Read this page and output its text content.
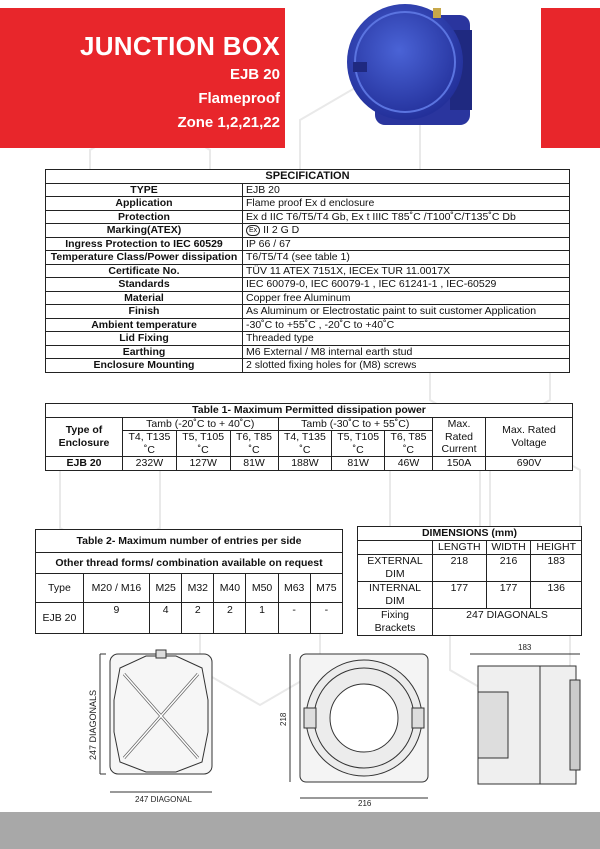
JUNCTION BOX
EJB 20
Flameproof
Zone 1,2,21,22
SPECIFICATION	
TYPE	EJB 20
Application	Flame proof Ex d enclosure
Protection	Ex d IIC T6/T5/T4 Gb, Ex t IIIC T85˚C /T100˚C/T135˚C Db
Marking(ATEX)	Ex II 2 G D
Ingress Protection to IEC 60529	IP 66 / 67
Temperature Class/Power dissipation	T6/T5/T4 (see table 1)
Certificate No.	TÜV 11 ATEX 7151X, IECEx TUR 11.0017X
Standards	IEC 60079-0, IEC 60079-1 , IEC 61241-1 , IEC-60529
Material	Copper free Aluminum
Finish	As Aluminum or Electrostatic paint to suit customer Application
Ambient temperature	-30˚C to +55˚C , -20˚C to +40˚C
Lid Fixing	Threaded type
Earthing	M6 External / M8 internal earth stud
Enclosure Mounting	2 slotted fixing holes for (M8) screws
Table 1- Maximum Permitted dissipation power								
Type of Enclosure	Tamb (-20˚C to + 40˚C)			Tamb (-30˚C to + 55˚C)			Max. Rated Current	Max. Rated Voltage
	T4, T135 ˚C	T5, T105 ˚C	T6, T85 ˚C	T4, T135 ˚C	T5, T105 ˚C	T6, T85 ˚C		
EJB 20	232W	127W	81W	188W	81W	46W	150A	690V
Table 2- Maximum number of entries per side							
Other thread forms/ combination available on request							
Type	M20 / M16	M25	M32	M40	M50	M63	M75
EJB 20	9	4	2	2	1	-	-
DIMENSIONS (mm)			
	LENGTH	WIDTH	HEIGHT
EXTERNAL DIM	218	216	183
INTERNAL DIM	177	177	136
Fixing Brackets	247 DIAGONALS		
247 DIAGONALS
247 DIAGONAL
218
216
183
